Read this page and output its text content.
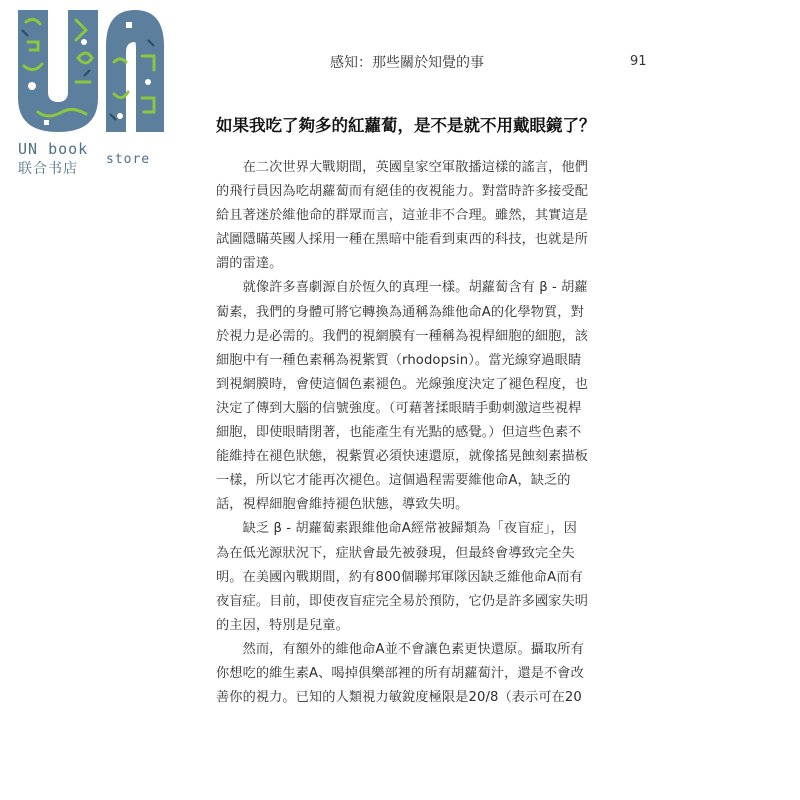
UN book
store
联合书店
感知：那些關於知覺的事	91
如果我吃了夠多的紅蘿蔔，是不是就不用戴眼鏡了？
　　在二次世界大戰期間，英國皇家空軍散播這樣的謠言，他們
的飛行員因為吃胡蘿蔔而有絕佳的夜視能力。對當時許多接受配
給且著迷於維他命的群眾而言，這並非不合理。雖然，其實這是
試圖隱瞞英國人採用一種在黑暗中能看到東西的科技，也就是所
謂的雷達。
　　就像許多喜劇源自於恆久的真理一樣。胡蘿蔔含有 β - 胡蘿
蔔素，我們的身體可將它轉換為通稱為維他命A的化學物質，對
於視力是必需的。我們的視網膜有一種稱為視桿細胞的細胞，該
細胞中有一種色素稱為視紫質（rhodopsin）。當光線穿過眼睛
到視網膜時，會使這個色素褪色。光線強度決定了褪色程度，也
決定了傳到大腦的信號強度。（可藉著揉眼睛手動刺激這些視桿
細胞，即使眼睛閉著，也能產生有光點的感覺。）但這些色素不
能維持在褪色狀態，視紫質必須快速還原，就像搖晃蝕刻素描板
一樣，所以它才能再次褪色。這個過程需要維他命A，缺乏的
話，視桿細胞會維持褪色狀態，導致失明。
　　缺乏 β - 胡蘿蔔素跟維他命A經常被歸類為「夜盲症」，因
為在低光源狀況下，症狀會最先被發現，但最終會導致完全失
明。在美國內戰期間，約有800個聯邦軍隊因缺乏維他命A而有
夜盲症。目前，即使夜盲症完全易於預防，它仍是許多國家失明
的主因，特別是兒童。
　　然而，有額外的維他命A並不會讓色素更快還原。攝取所有
你想吃的維生素A、喝掉俱樂部裡的所有胡蘿蔔汁，還是不會改
善你的視力。已知的人類視力敏銳度極限是20/8（表示可在20
